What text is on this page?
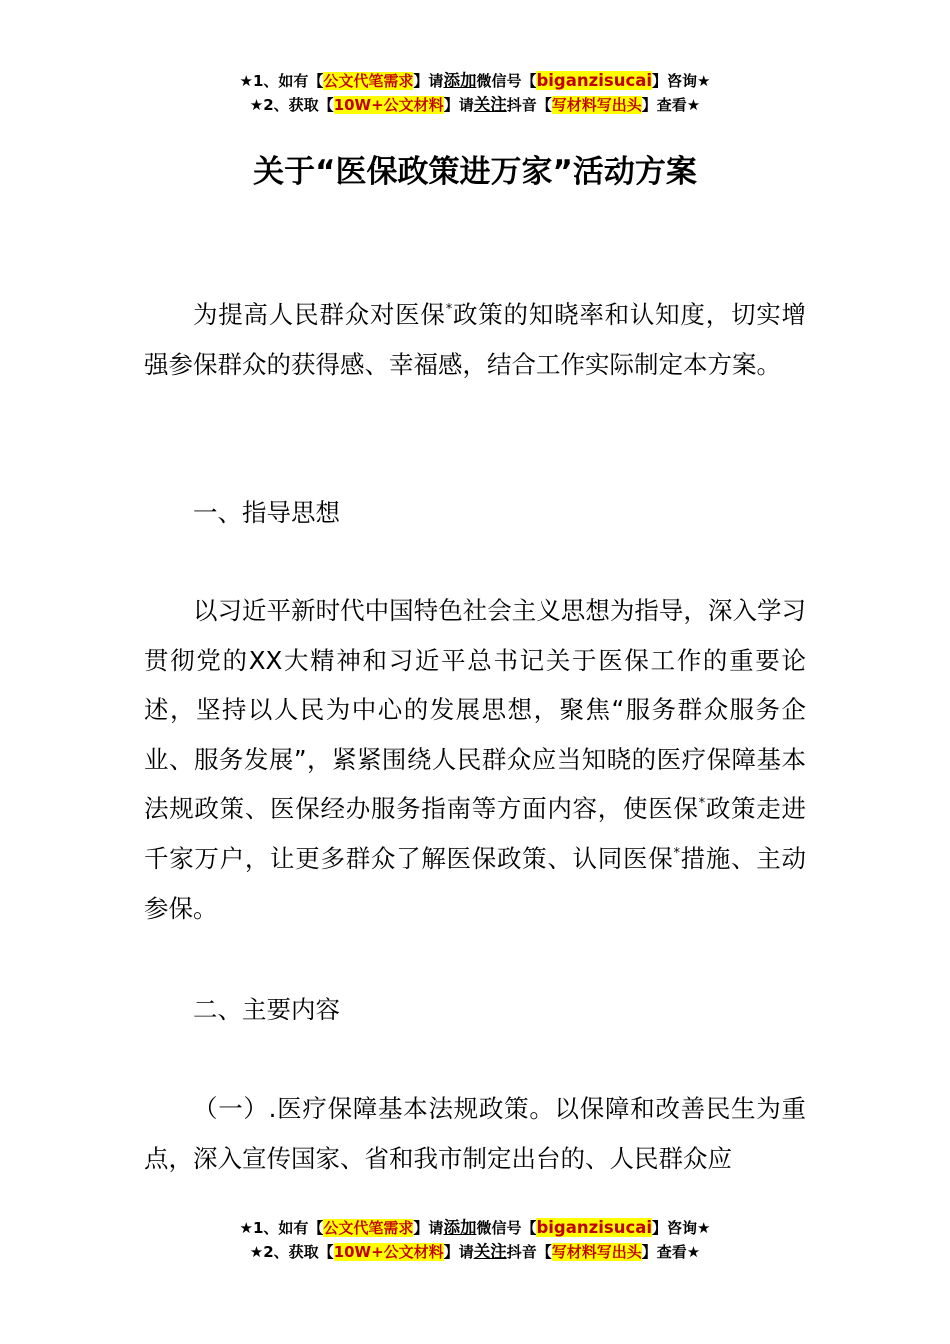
★1、如有【公文代笔需求】请添加微信号【biganzisucai】咨询★
★2、获取【10W+公文材料】请关注抖音【写材料写出头】查看★
关于“医保政策进万家”活动方案

为提高人民群众对医保*政策的知晓率和认知度，切实增强参保群众的获得感、幸福感，结合工作实际制定本方案。

一、指导思想

以习近平新时代中国特色社会主义思想为指导，深入学习贯彻党的XX大精神和习近平总书记关于医保工作的重要论述，坚持以人民为中心的发展思想，聚焦“服务群众服务企业、服务发展”，紧紧围绕人民群众应当知晓的医疗保障基本法规政策、医保经办服务指南等方面内容，使医保*政策走进千家万户，让更多群众了解医保政策、认同医保*措施、主动参保。

二、主要内容

（一）.医疗保障基本法规政策。以保障和改善民生为重点，深入宣传国家、省和我市制定出台的、人民群众应

★1、如有【公文代笔需求】请添加微信号【biganzisucai】咨询★
★2、获取【10W+公文材料】请关注抖音【写材料写出头】查看★
